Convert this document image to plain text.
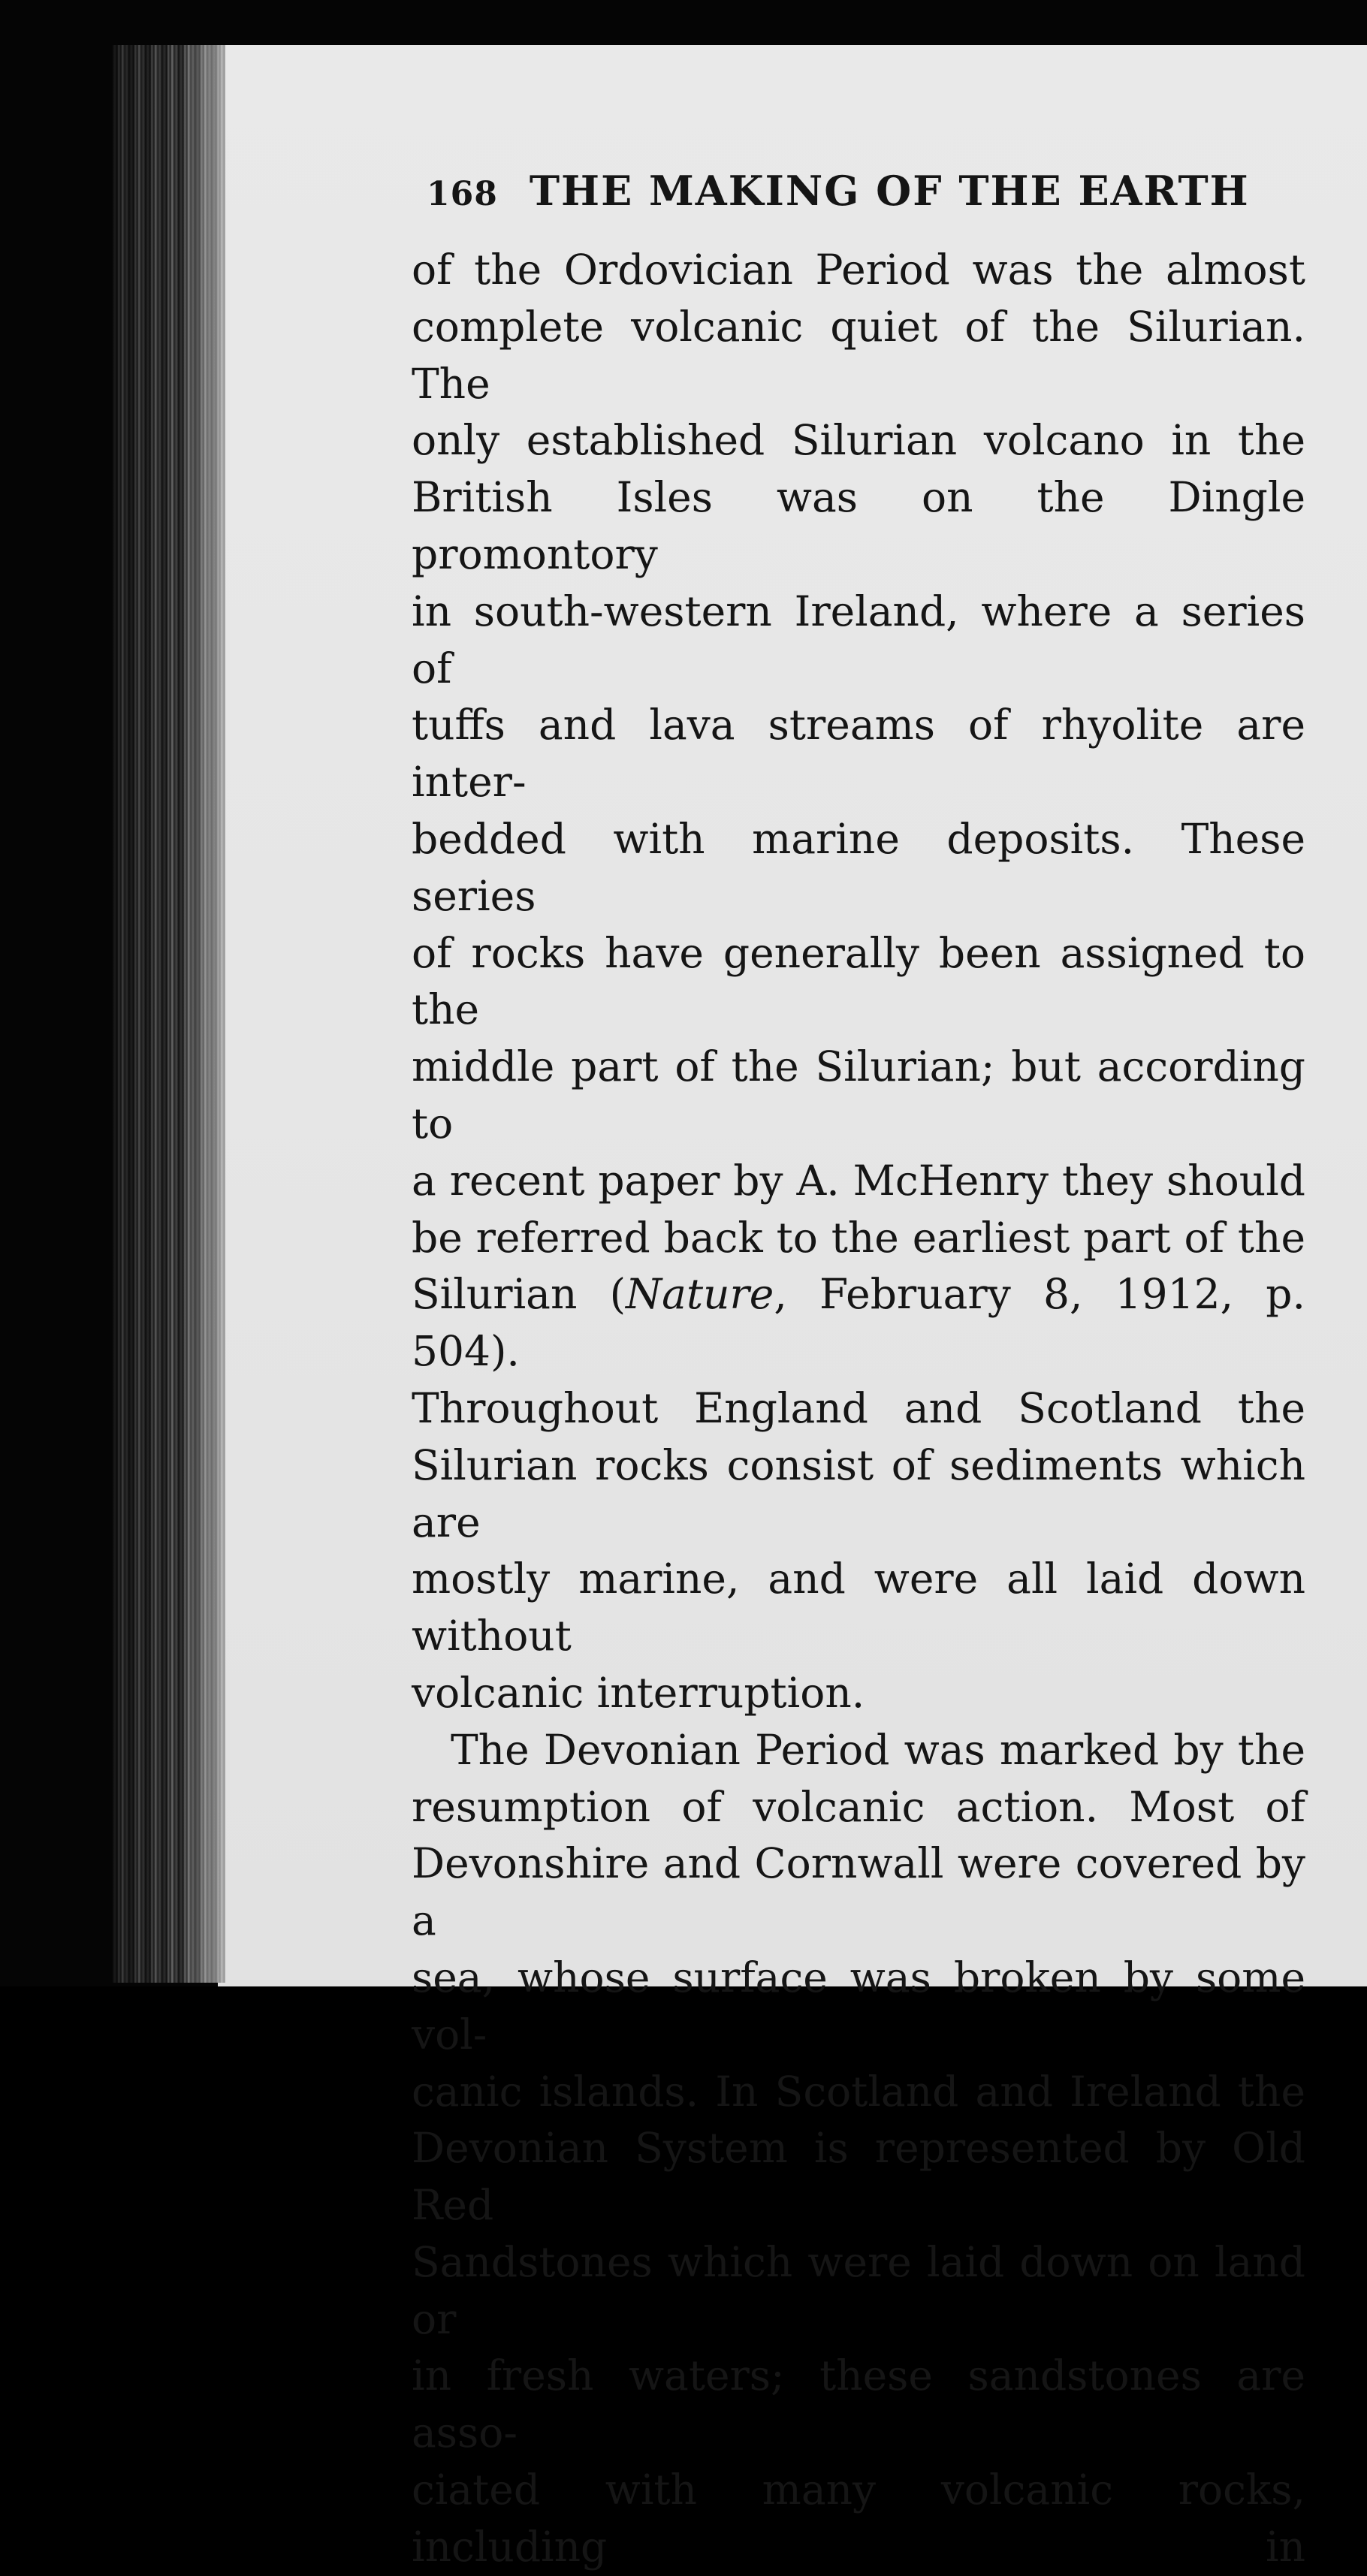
168 THE MAKING OF THE EARTH

of the Ordovician Period was the almost

complete volcanic quiet of the Silurian. The

only established Silurian volcano in the

British Isles was on the Dingle promontory

in south-western Ireland, where a series of

tuffs and lava streams of rhyolite are inter-

bedded with marine deposits. These series

of rocks have generally been assigned to the

middle part of the Silurian; but according to

a recent paper by A. McHenry they should

be referred back to the earliest part of the

Silurian (Nature, February 8, 1912, p. 504).

Throughout England and Scotland the

Silurian rocks consist of sediments which are

mostly marine, and were all laid down without

volcanic interruption.

The Devonian Period was marked by the

resumption of volcanic action. Most of

Devonshire and Cornwall were covered by a

sea, whose surface was broken by some vol-

canic islands. In Scotland and Ireland the

Devonian System is represented by Old Red

Sandstones which were laid down on land or

in fresh waters; these sandstones are asso-

ciated with many volcanic rocks, including in
